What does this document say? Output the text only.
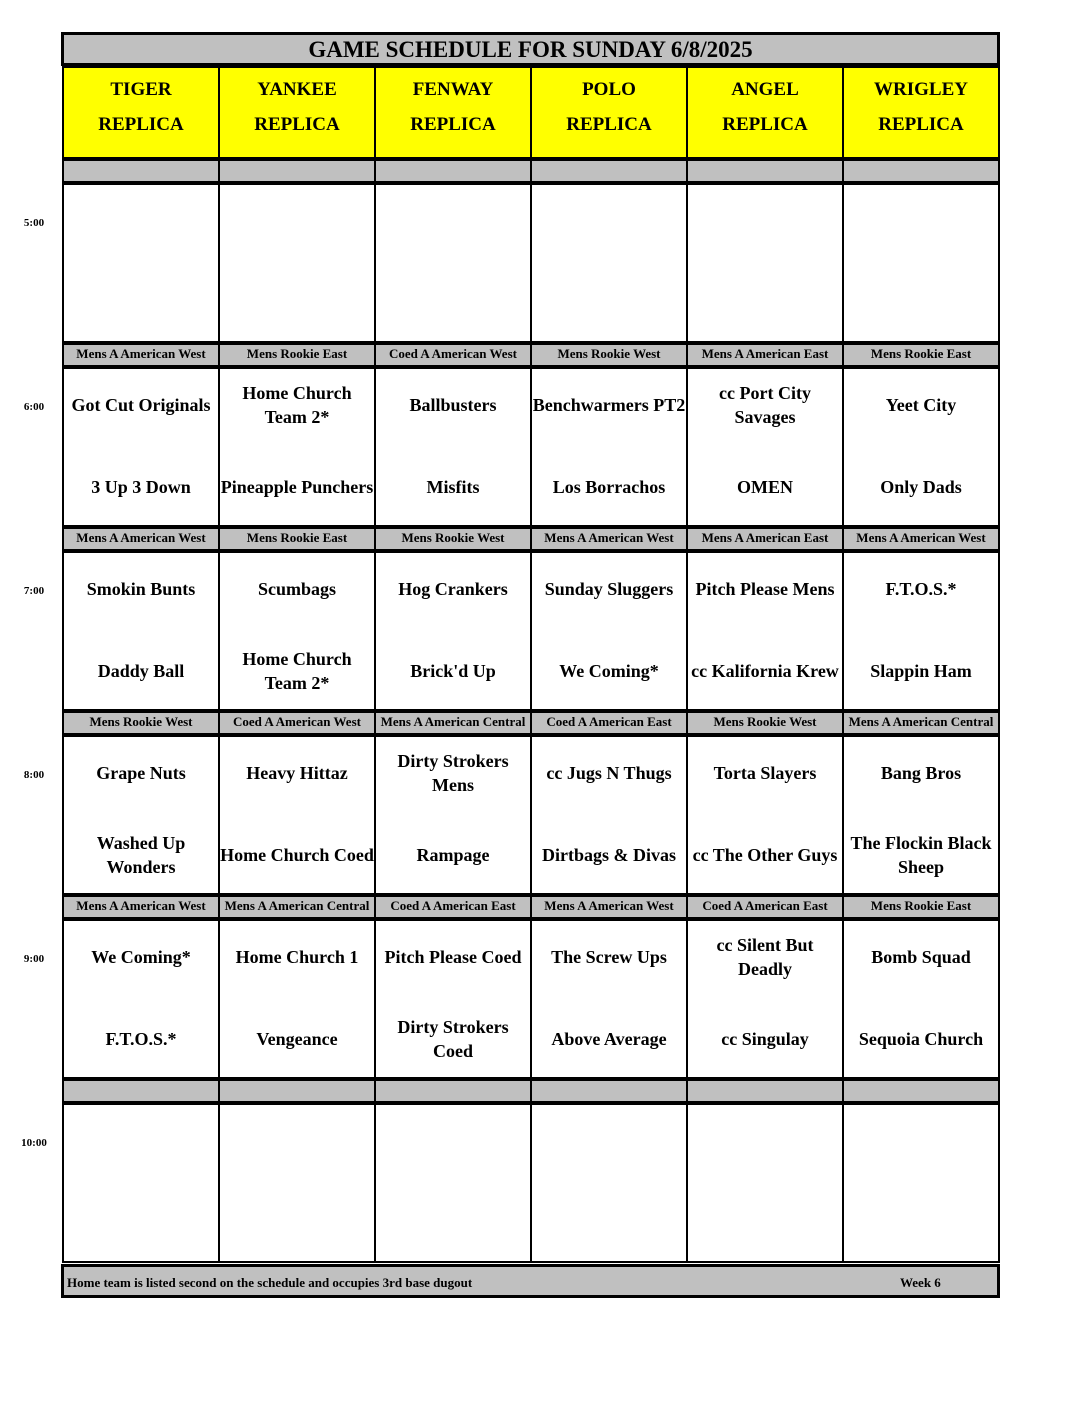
GAME SCHEDULE FOR SUNDAY 6/8/2025
TIGER
REPLICA
YANKEE
REPLICA
FENWAY
REPLICA
POLO
REPLICA
ANGEL
REPLICA
WRIGLEY
REPLICA
5:00
6:00
Mens A American West
Got Cut Originals
3 Up 3 Down
Mens Rookie East
Home Church Team 2*
Pineapple Punchers
Coed A American West
Ballbusters
Misfits
Mens Rookie West
Benchwarmers PT2
Los Borrachos
Mens A American East
cc Port City Savages
OMEN
Mens Rookie East
Yeet City
Only Dads
7:00
Mens A American West
Smokin Bunts
Daddy Ball
Mens Rookie East
Scumbags
Home Church Team 2*
Mens Rookie West
Hog Crankers
Brick'd Up
Mens A American West
Sunday Sluggers
We Coming*
Mens A American East
Pitch Please Mens
cc Kalifornia Krew
Mens A American West
F.T.O.S.*
Slappin Ham
8:00
Mens Rookie West
Grape Nuts
Washed Up Wonders
Coed A American West
Heavy Hittaz
Home Church Coed
Mens A American Central
Dirty Strokers Mens
Rampage
Coed A American East
cc Jugs N Thugs
Dirtbags & Divas
Mens Rookie West
Torta Slayers
cc The Other Guys
Mens A American Central
Bang Bros
The Flockin Black Sheep
9:00
Mens A American West
We Coming*
F.T.O.S.*
Mens A American Central
Home Church 1
Vengeance
Coed A American East
Pitch Please Coed
Dirty Strokers Coed
Mens A American West
The Screw Ups
Above Average
Coed A American East
cc Silent But Deadly
cc Singulay
Mens Rookie East
Bomb Squad
Sequoia Church
10:00
Home team is listed second on the schedule and occupies 3rd base dugout	Week 6
